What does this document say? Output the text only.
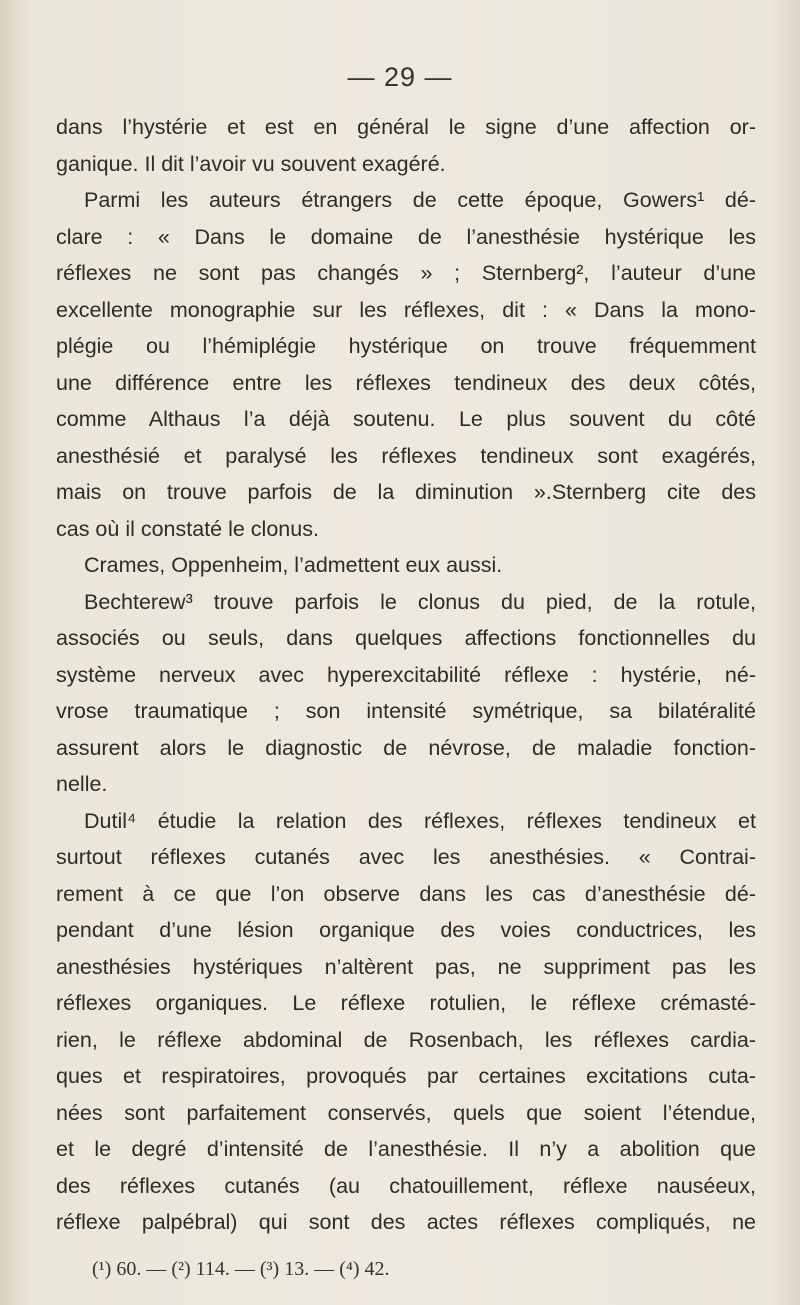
— 29 —
dans l’hystérie et est en général le signe d’une affection or-
ganique. Il dit l’avoir vu souvent exagéré.
Parmi les auteurs étrangers de cette époque, Gowers¹ dé-
clare : « Dans le domaine de l’anesthésie hystérique les
réflexes ne sont pas changés » ; Sternberg², l’auteur d’une
excellente monographie sur les réflexes, dit : « Dans la mono-
plégie ou l’hémiplégie hystérique on trouve fréquemment
une différence entre les réflexes tendineux des deux côtés,
comme Althaus l’a déjà soutenu. Le plus souvent du côté
anesthésié et paralysé les réflexes tendineux sont exagérés,
mais on trouve parfois de la diminution ».Sternberg cite des
cas où il constaté le clonus.
Crames, Oppenheim, l’admettent eux aussi.
Bechterew³ trouve parfois le clonus du pied, de la rotule,
associés ou seuls, dans quelques affections fonctionnelles du
système nerveux avec hyperexcitabilité réflexe : hystérie, né-
vrose traumatique ; son intensité symétrique, sa bilatéralité
assurent alors le diagnostic de névrose, de maladie fonction-
nelle.
Dutil⁴ étudie la relation des réflexes, réflexes tendineux et
surtout réflexes cutanés avec les anesthésies. « Contrai-
rement à ce que l’on observe dans les cas d’anesthésie dé-
pendant d’une lésion organique des voies conductrices, les
anesthésies hystériques n’altèrent pas, ne suppriment pas les
réflexes organiques. Le réflexe rotulien, le réflexe crémasté-
rien, le réflexe abdominal de Rosenbach, les réflexes cardia-
ques et respiratoires, provoqués par certaines excitations cuta-
nées sont parfaitement conservés, quels que soient l’étendue,
et le degré d’intensité de l’anesthésie. Il n’y a abolition que
des réflexes cutanés (au chatouillement, réflexe nauséeux,
réflexe palpébral) qui sont des actes réflexes compliqués, ne
(¹) 60. — (²) 114. — (³) 13. — (⁴) 42.
